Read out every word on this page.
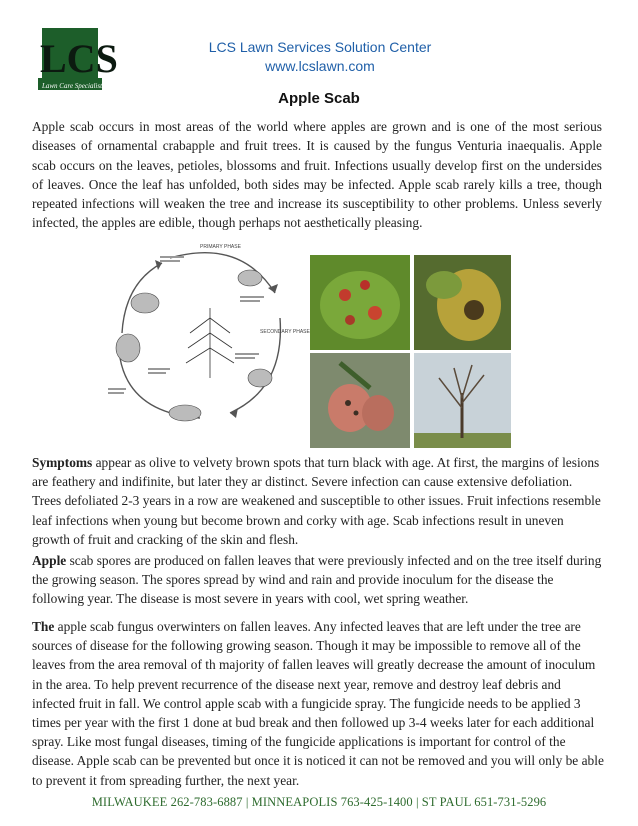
LCS
Lawn Care Specialists
LCS Lawn Services Solution Center
www.lcslawn.com
Apple Scab
Apple scab occurs in most areas of the world where apples are grown and is one of the most serious diseases of ornamental crabapple and fruit trees. It is caused by the fungus Venturia inaequalis. Apple scab occurs on the leaves, petioles, blossoms and fruit. Infections usually develop first on the undersides of leaves. Once the leaf has unfolded, both sides may be infected. Apple scab rarely kills a tree, though repeated infections will weaken the tree and increase its susceptibility to other problems. Unless severly infected, the apples are edible, though perhaps not aesthetically pleasing.
PRIMARY PHASE
SECONDARY PHASE
Symptoms appear as olive to velvety brown spots that turn black with age. At first, the margins of lesions are feathery and indifinite, but later they ar distinct. Severe infection can cause extensive defoliation. Trees defoliated 2-3 years in a row are weakened and susceptible to other issues. Fruit infections resemble leaf infections when young but become brown and corky with age. Scab infections result in uneven growth of fruit and cracking of the skin and flesh.
Apple scab spores are produced on fallen leaves that were previously infected and on the tree itself during the growing season. The spores spread by wind and rain and provide inoculum for the disease the following year. The disease is most severe in years with cool, wet spring weather.
The apple scab fungus overwinters on fallen leaves. Any infected leaves that are left under the tree are sources of disease for the following growing season. Though it may be impossible to remove all of the leaves from the area removal of th majority of fallen leaves will greatly decrease the amount of inoculum in the area. To help prevent recurrence of the disease next year, remove and destroy leaf debris and infected fruit in fall. We control apple scab with a fungicide spray. The fungicide needs to be applied 3 times per year with the first 1 done at bud break and then followed up 3-4 weeks later for each additional spray. Like most fungal diseases, timing of the fungicide applications is important for control of the disease. Apple scab can be prevented but once it is noticed it can not be removed and you will only be able to prevent it from spreading further, the next year.
MILWAUKEE 262-783-6887 | MINNEAPOLIS 763-425-1400 | ST PAUL 651-731-5296
